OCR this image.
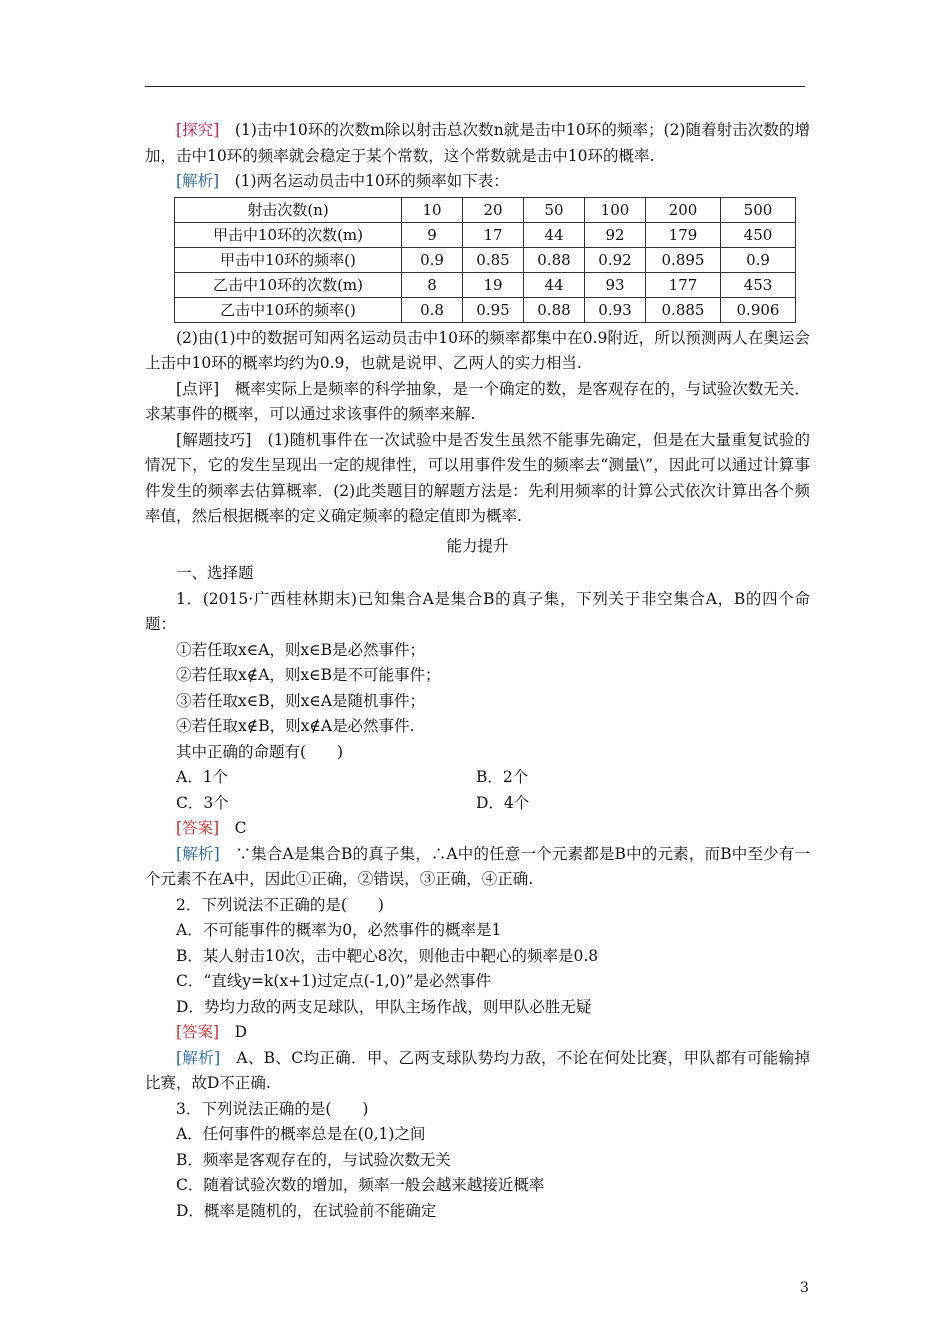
[探究]　 (1)击中10环的次数m除以射击总次数n就是击中10环的频率；(2)随着射击次数的增加，击中10环的频率就会稳定于某个常数，这个常数就是击中10环的概率.

[解析]　 (1)两名运动员击中10环的频率如下表：

射击次数(n)	10	20	50	100	200	500
甲击中10环的次数(m)	9	17	44	92	179	450
甲击中10环的频率()	0.9	0.85	0.88	0.92	0.895	0.9
乙击中10环的次数(m)	8	19	44	93	177	453
乙击中10环的频率()	0.8	0.95	0.88	0.93	0.885	0.906

(2)由(1)中的数据可知两名运动员击中10环的频率都集中在0.9附近，所以预测两人在奥运会上击中10环的概率均约为0.9，也就是说甲、乙两人的实力相当.

[点评]　 概率实际上是频率的科学抽象，是一个确定的数，是客观存在的，与试验次数无关．求某事件的概率，可以通过求该事件的频率来解.

[解题技巧]　 (1)随机事件在一次试验中是否发生虽然不能事先确定，但是在大量重复试验的情况下，它的发生呈现出一定的规律性，可以用事件发生的频率去“测量\”，因此可以通过计算事件发生的频率去估算概率．(2)此类题目的解题方法是：先利用频率的计算公式依次计算出各个频率值，然后根据概率的定义确定频率的稳定值即为概率.

能力提升

一、选择题

1．(2015·广西桂林期末)已知集合A是集合B的真子集，下列关于非空集合A，B的四个命题：

①若任取x∈A，则x∈B是必然事件；

②若任取x∉A，则x∈B是不可能事件；

③若任取x∈B，则x∈A是随机事件；

④若任取x∉B，则x∉A是必然事件.

其中正确的命题有(　　)

A．1个	B．2个
C．3个	D．4个

[答案]　 C

[解析]　 ∵集合A是集合B的真子集，∴A中的任意一个元素都是B中的元素，而B中至少有一个元素不在A中，因此①正确，②错误，③正确，④正确.

2．下列说法不正确的是(　　)

A．不可能事件的概率为0，必然事件的概率是1

B．某人射击10次，击中靶心8次，则他击中靶心的频率是0.8

C．“直线y=k(x+1)过定点(-1,0)”是必然事件

D．势均力敌的两支足球队，甲队主场作战，则甲队必胜无疑

[答案]　 D

[解析]　 A、B、C均正确．甲、乙两支球队势均力敌，不论在何处比赛，甲队都有可能输掉比赛，故D不正确.

3．下列说法正确的是(　　)

A．任何事件的概率总是在(0,1)之间

B．频率是客观存在的，与试验次数无关

C．随着试验次数的增加，频率一般会越来越接近概率

D．概率是随机的，在试验前不能确定

3
